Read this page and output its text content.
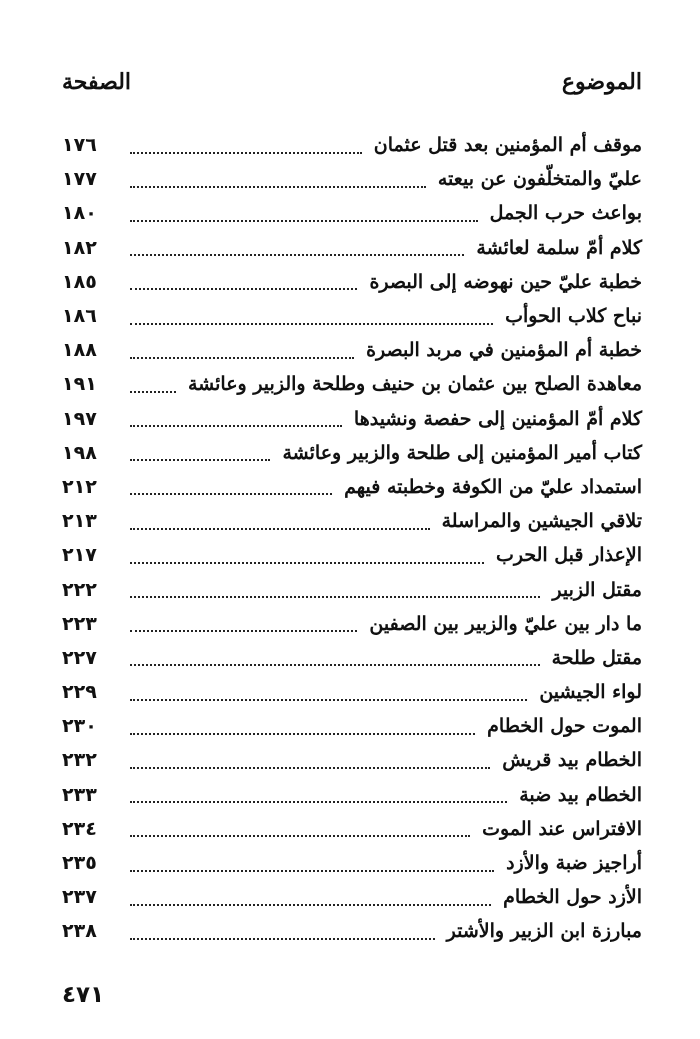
الموضوع
الصفحة
موقف أم المؤمنين بعد قتل عثمان
١٧٦
عليّ والمتخلّفون عن بيعته
١٧٧
بواعث حرب الجمل
١٨٠
كلام أمّ سلمة لعائشة
١٨٢
خطبة عليّ حين نهوضه إلى البصرة
١٨٥
نباح كلاب الحوأب
١٨٦
خطبة أم المؤمنين في مربد البصرة
١٨٨
معاهدة الصلح بين عثمان بن حنيف وطلحة والزبير وعائشة
١٩١
كلام أمّ المؤمنين إلى حفصة ونشيدها
١٩٧
كتاب أمير المؤمنين إلى طلحة والزبير وعائشة
١٩٨
استمداد عليّ من الكوفة وخطبته فيهم
٢١٢
تلاقي الجيشين والمراسلة
٢١٣
الإعذار قبل الحرب
٢١٧
مقتل الزبير
٢٢٢
ما دار بين عليّ والزبير بين الصفين
٢٢٣
مقتل طلحة
٢٢٧
لواء الجيشين
٢٢٩
الموت حول الخطام
٢٣٠
الخطام بيد قريش
٢٣٢
الخطام بيد ضبة
٢٣٣
الافتراس عند الموت
٢٣٤
أراجيز ضبة والأزد
٢٣٥
الأزد حول الخطام
٢٣٧
مبارزة ابن الزبير والأشتر
٢٣٨
٤٧١
